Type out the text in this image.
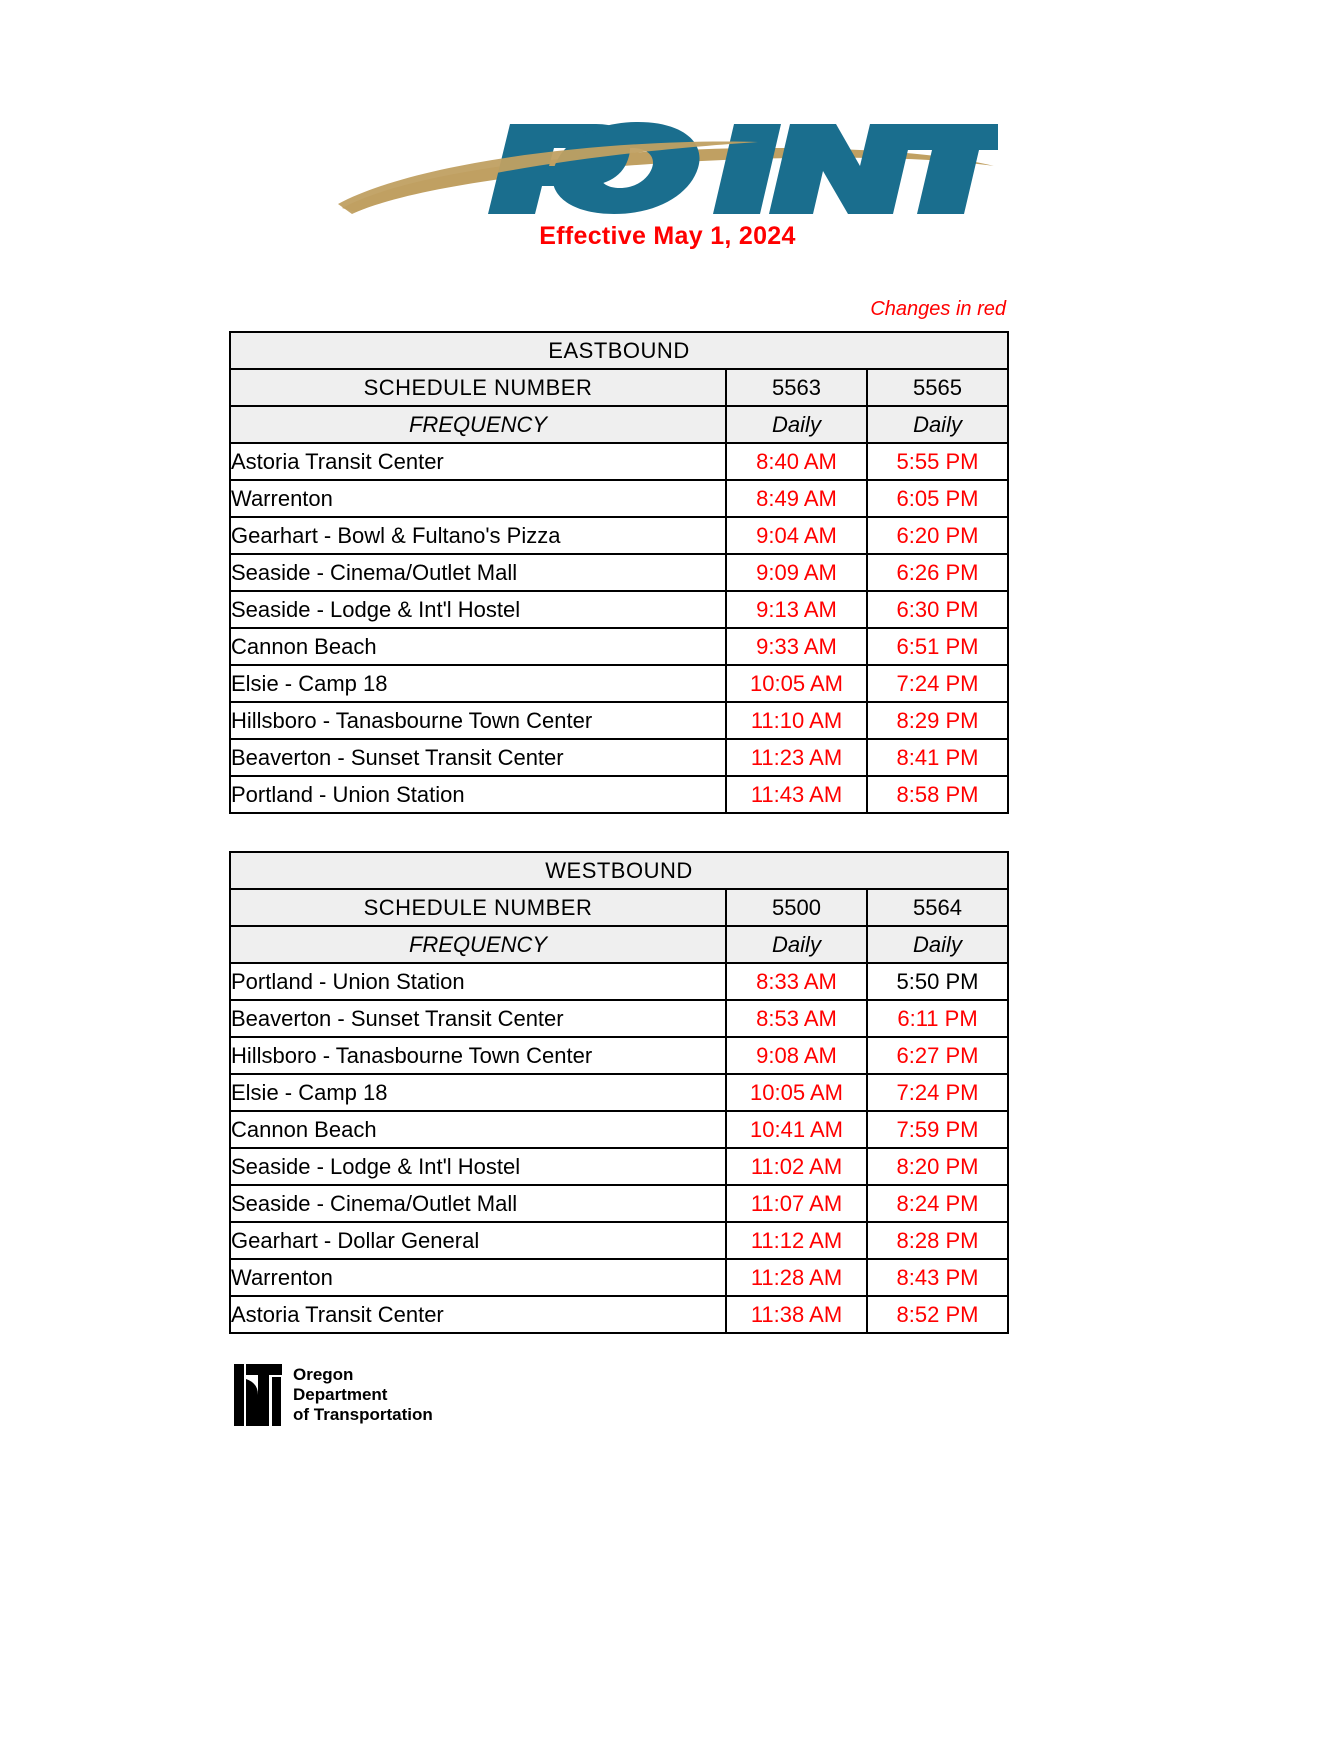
Effective May 1, 2024
Changes in red
EASTBOUND		
SCHEDULE NUMBER	5563	5565
FREQUENCY	Daily	Daily
Astoria Transit Center	8:40 AM	5:55 PM
Warrenton	8:49 AM	6:05 PM
Gearhart - Bowl & Fultano's Pizza	9:04 AM	6:20 PM
Seaside - Cinema/Outlet Mall	9:09 AM	6:26 PM
Seaside - Lodge & Int'l Hostel	9:13 AM	6:30 PM
Cannon Beach	9:33 AM	6:51 PM
Elsie - Camp 18	10:05 AM	7:24 PM
Hillsboro - Tanasbourne Town Center	11:10 AM	8:29 PM
Beaverton - Sunset Transit Center	11:23 AM	8:41 PM
Portland - Union Station	11:43 AM	8:58 PM
WESTBOUND		
SCHEDULE NUMBER	5500	5564
FREQUENCY	Daily	Daily
Portland - Union Station	8:33 AM	5:50 PM
Beaverton - Sunset Transit Center	8:53 AM	6:11 PM
Hillsboro - Tanasbourne Town Center	9:08 AM	6:27 PM
Elsie - Camp 18	10:05 AM	7:24 PM
Cannon Beach	10:41 AM	7:59 PM
Seaside - Lodge & Int'l Hostel	11:02 AM	8:20 PM
Seaside - Cinema/Outlet Mall	11:07 AM	8:24 PM
Gearhart - Dollar General	11:12 AM	8:28 PM
Warrenton	11:28 AM	8:43 PM
Astoria Transit Center	11:38 AM	8:52 PM
Oregon
Department
of Transportation
